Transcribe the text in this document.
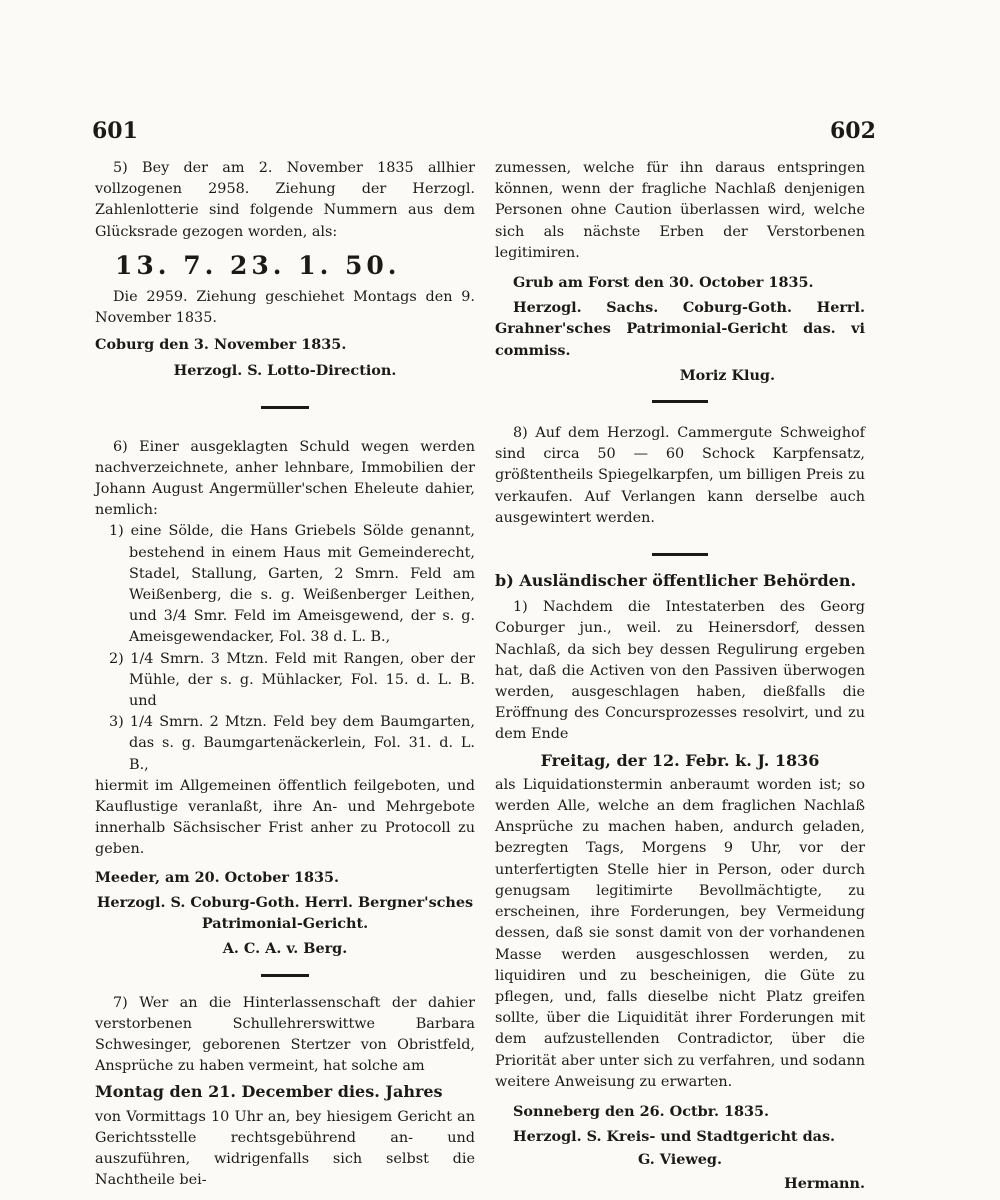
601	602

5) Bey der am 2. November 1835 allhier vollzogenen 2958. Ziehung der Herzogl. Zahlenlotterie sind folgende Nummern aus dem Glücksrade gezogen worden, als:

13. 7. 23. 1. 50.

Die 2959. Ziehung geschiehet Montags den 9. November 1835.

Coburg den 3. November 1835.

Herzogl. S. Lotto-Direction.

6) Einer ausgeklagten Schuld wegen werden nachverzeichnete, anher lehnbare, Immobilien der Johann August Angermüller'schen Eheleute dahier, nemlich:

1) eine Sölde, die Hans Griebels Sölde genannt, bestehend in einem Haus mit Gemeinderecht, Stadel, Stallung, Garten, 2 Smrn. Feld am Weißenberg, die s. g. Weißenberger Leithen, und 3/4 Smr. Feld im Ameisgewend, der s. g. Ameisgewendacker, Fol. 38 d. L. B.,

2) 1/4 Smrn. 3 Mtzn. Feld mit Rangen, ober der Mühle, der s. g. Mühlacker, Fol. 15. d. L. B. und

3) 1/4 Smrn. 2 Mtzn. Feld bey dem Baumgarten, das s. g. Baumgartenäckerlein, Fol. 31. d. L. B.,

hiermit im Allgemeinen öffentlich feilgeboten, und Kauflustige veranlaßt, ihre An- und Mehrgebote innerhalb Sächsischer Frist anher zu Protocoll zu geben.

Meeder, am 20. October 1835.

Herzogl. S. Coburg-Goth. Herrl. Bergner'sches Patrimonial-Gericht.

A. C. A. v. Berg.

7) Wer an die Hinterlassenschaft der dahier verstorbenen Schullehrerswittwe Barbara Schwesinger, geborenen Stertzer von Obristfeld, Ansprüche zu haben vermeint, hat solche am

Montag den 21. December dies. Jahres

von Vormittags 10 Uhr an, bey hiesigem Gericht an Gerichtsstelle rechtsgebührend an- und auszuführen, widrigenfalls sich selbst die Nachtheile bei-

zumessen, welche für ihn daraus entspringen können, wenn der fragliche Nachlaß denjenigen Personen ohne Caution überlassen wird, welche sich als nächste Erben der Verstorbenen legitimiren.

Grub am Forst den 30. October 1835.

Herzogl. Sachs. Coburg-Goth. Herrl. Grahner'sches Patrimonial-Gericht das. vi commiss.

Moriz Klug.

8) Auf dem Herzogl. Cammergute Schweighof sind circa 50 — 60 Schock Karpfensatz, größtentheils Spiegelkarpfen, um billigen Preis zu verkaufen. Auf Verlangen kann derselbe auch ausgewintert werden.

b) Ausländischer öffentlicher Behörden.

1) Nachdem die Intestaterben des Georg Coburger jun., weil. zu Heinersdorf, dessen Nachlaß, da sich bey dessen Regulirung ergeben hat, daß die Activen von den Passiven überwogen werden, ausgeschlagen haben, dießfalls die Eröffnung des Concursprozesses resolvirt, und zu dem Ende

Freitag, der 12. Febr. k. J. 1836

als Liquidationstermin anberaumt worden ist; so werden Alle, welche an dem fraglichen Nachlaß Ansprüche zu machen haben, andurch geladen, bezregten Tags, Morgens 9 Uhr, vor der unterfertigten Stelle hier in Person, oder durch genugsam legitimirte Bevollmächtigte, zu erscheinen, ihre Forderungen, bey Vermeidung dessen, daß sie sonst damit von der vorhandenen Masse werden ausgeschlossen werden, zu liquidiren und zu bescheinigen, die Güte zu pflegen, und, falls dieselbe nicht Platz greifen sollte, über die Liquidität ihrer Forderungen mit dem aufzustellenden Contradictor, über die Priorität aber unter sich zu verfahren, und sodann weitere Anweisung zu erwarten.

Sonneberg den 26. Octbr. 1835.

Herzogl. S. Kreis- und Stadtgericht das.

G. Vieweg.

Hermann.
